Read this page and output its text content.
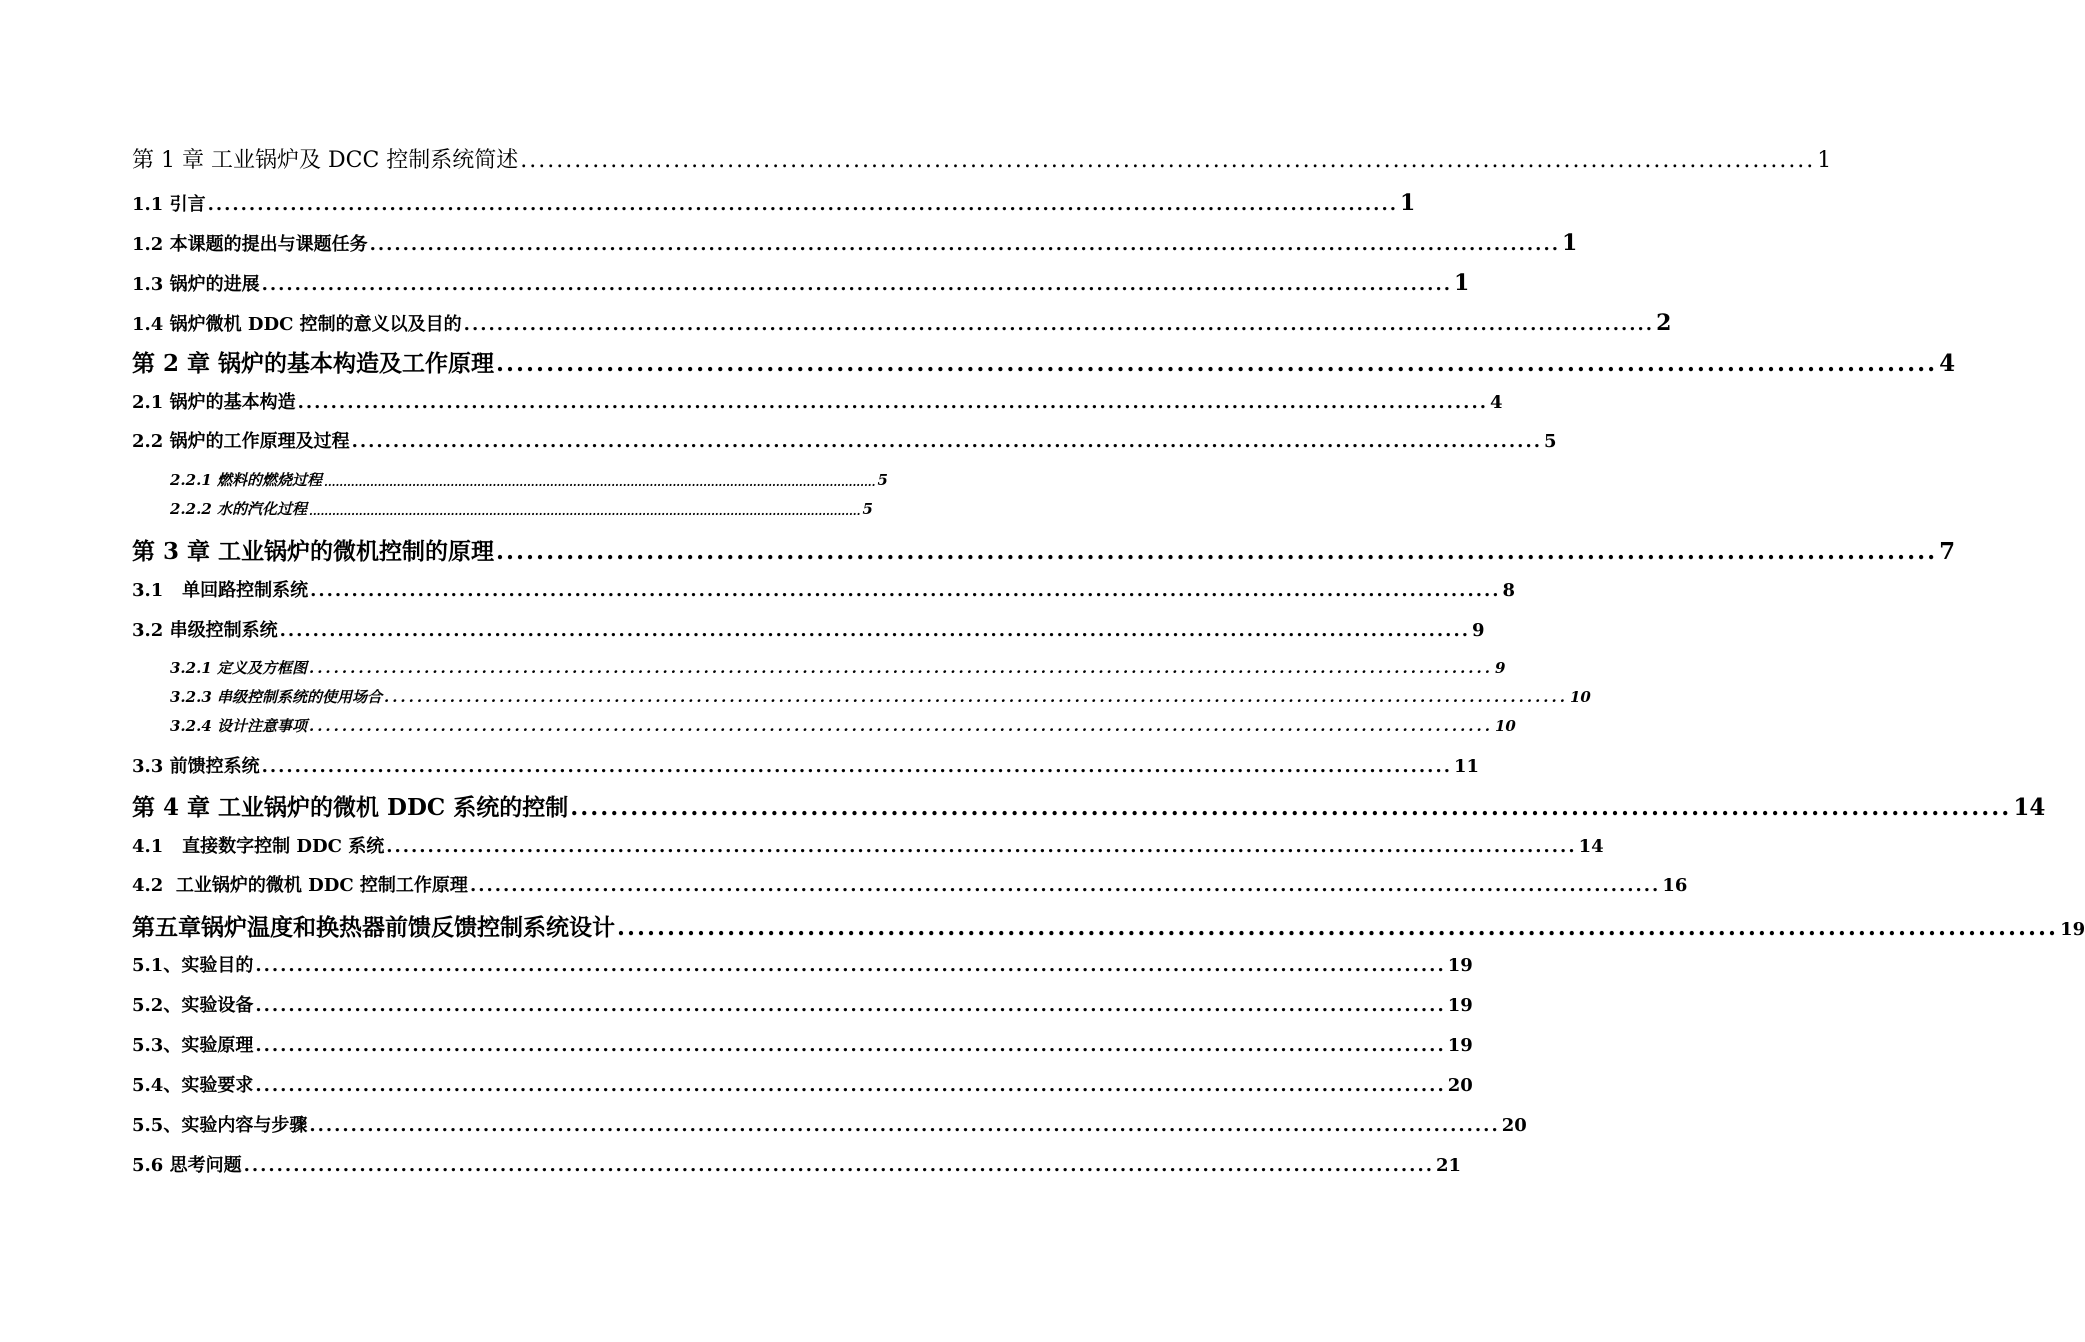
第 1 章 工业锅炉及 DCC 控制系统简述 ................................................................................................................................................ 1
1.1 引言 ................................................................................................................................................ 1
1.2 本课题的提出与课题任务 ................................................................................................................................................ 1
1.3 锅炉的进展 ................................................................................................................................................ 1
1.4 锅炉微机 DDC 控制的意义以及目的 ................................................................................................................................................ 2
第 2 章 锅炉的基本构造及工作原理 ................................................................................................................................................ 4
2.1 锅炉的基本构造 ................................................................................................................................................ 4
2.2 锅炉的工作原理及过程 ................................................................................................................................................ 5
2.2.1 燃料的燃烧过程 ................................................................................................................................................ 5
2.2.2 水的汽化过程 ................................................................................................................................................ 5
第 3 章 工业锅炉的微机控制的原理 ................................................................................................................................................ 7
3.1   单回路控制系统 ................................................................................................................................................ 8
3.2 串级控制系统 ................................................................................................................................................ 9
3.2.1 定义及方框图 ................................................................................................................................................ 9
3.2.3 串级控制系统的使用场合 ................................................................................................................................................ 10
3.2.4 设计注意事项 ................................................................................................................................................ 10
3.3 前馈控系统 ................................................................................................................................................ 11
第 4 章 工业锅炉的微机 DDC 系统的控制 ................................................................................................................................................ 14
4.1   直接数字控制 DDC 系统 ................................................................................................................................................ 14
4.2  工业锅炉的微机 DDC 控制工作原理 ................................................................................................................................................ 16
第五章锅炉温度和换热器前馈反馈控制系统设计 ................................................................................................................................................ 19
5.1、实验目的 ................................................................................................................................................ 19
5.2、实验设备 ................................................................................................................................................ 19
5.3、实验原理 ................................................................................................................................................ 19
5.4、实验要求 ................................................................................................................................................ 20
5.5、实验内容与步骤 ................................................................................................................................................ 20
5.6 思考问题 ................................................................................................................................................ 21
